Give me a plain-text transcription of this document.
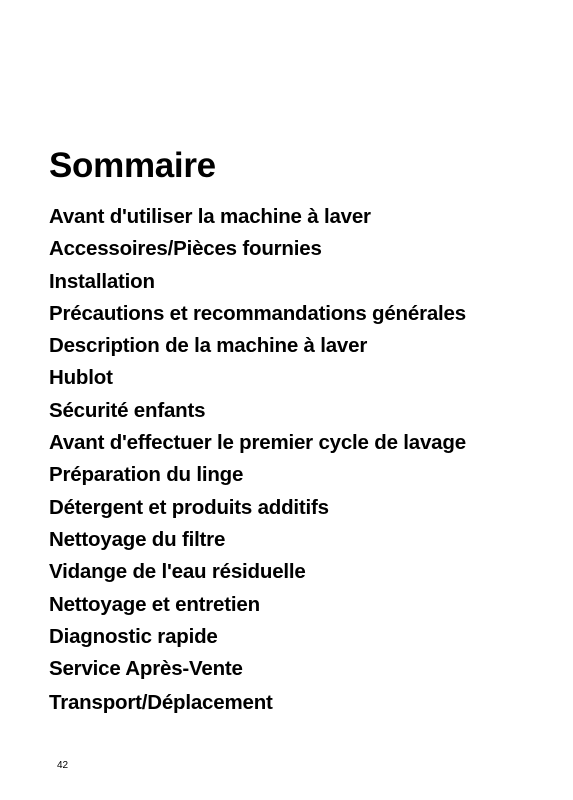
Sommaire
Avant d'utiliser la machine à laver
Accessoires/Pièces fournies
Installation
Précautions et recommandations générales
Description de la machine à laver
Hublot
Sécurité enfants
Avant d'effectuer le premier cycle de lavage
Préparation du linge
Détergent et produits additifs
Nettoyage du filtre
Vidange de l'eau résiduelle
Nettoyage et entretien
Diagnostic rapide
Service Après-Vente
Transport/Déplacement
42
